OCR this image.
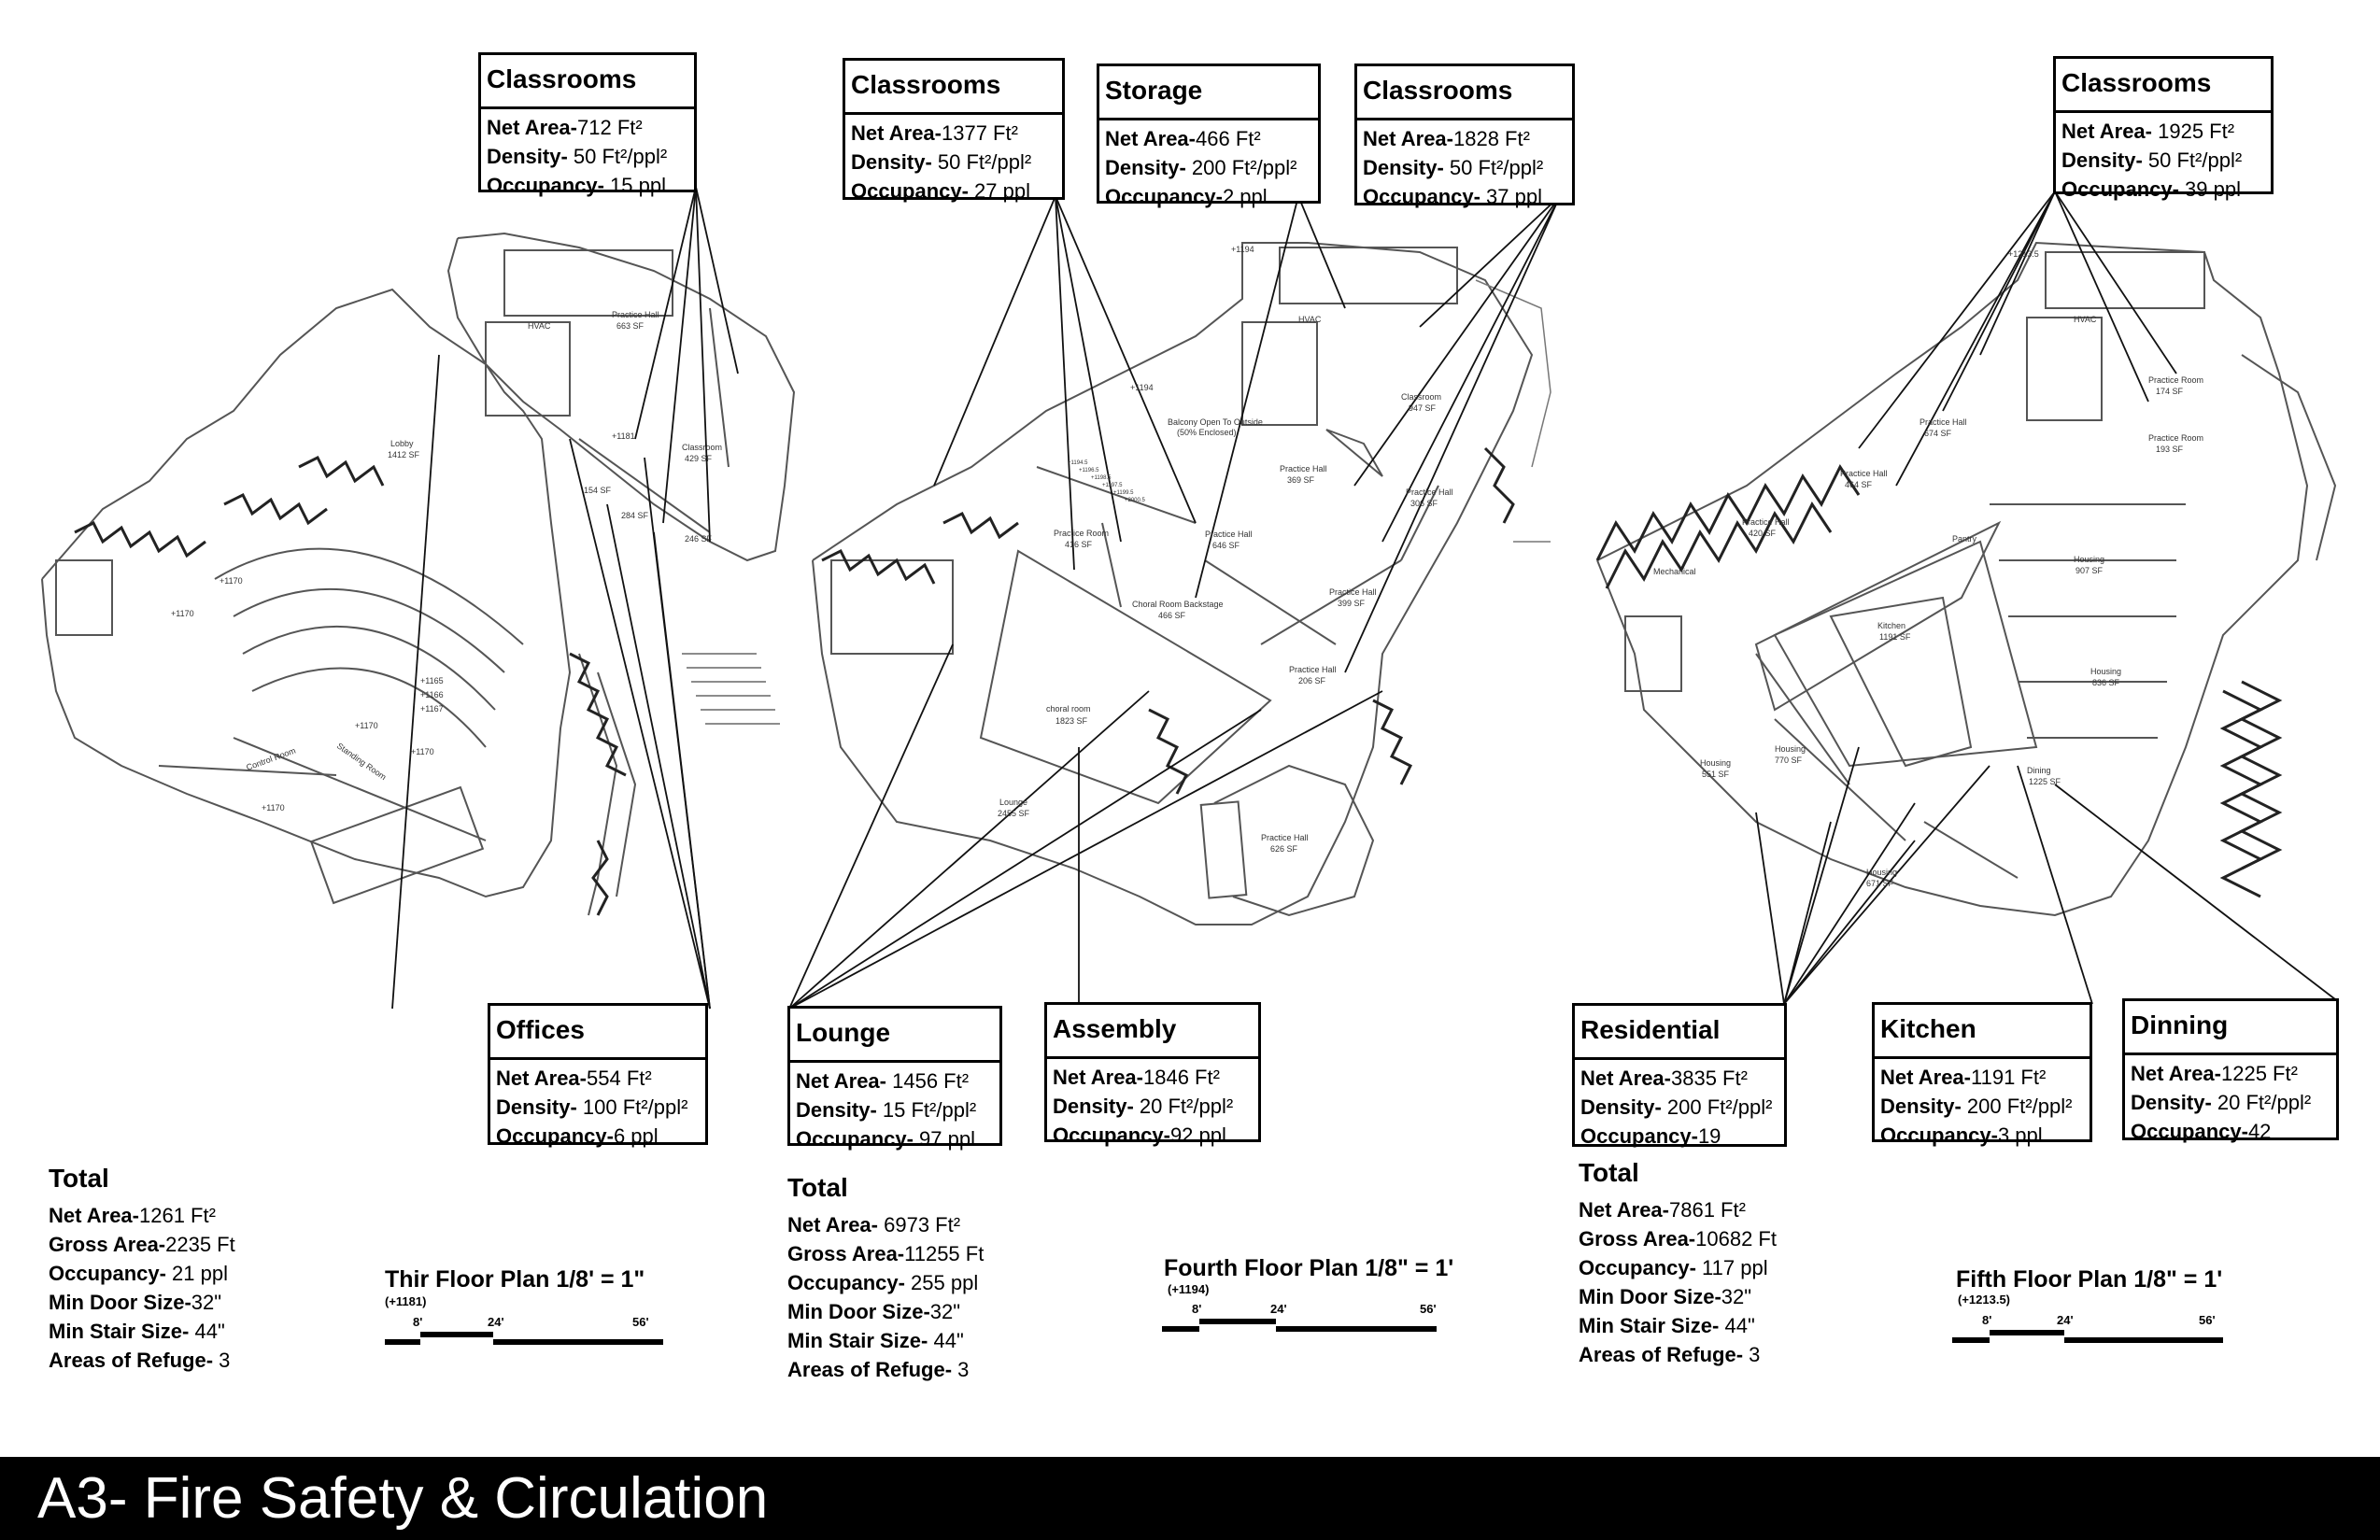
Lobby
1412 SF
+1181
Practice Hall
663 SF
Classroom
429 SF
154 SF
284 SF
246 SF
+1170
+1170
+1165
+1166
+1167
+1170
+1170
+1170
Standing Room
Control Room
HVAC
+1194
+1194
HVAC
Balcony Open To Outside
(50% Enclosed)
Classroom
947 SF
Practice Room
416 SF
Practice Hall
369 SF
Practice Hall
646 SF
Choral Room Backstage
466 SF
Practice Hall
306 SF
Practice Hall
399 SF
Practice Hall
206 SF
choral room
1823 SF
Lounge
2455 SF
Practice Hall
626 SF
+1194.5
+1196.5
+1198.5
+1197.5
+1199.5
+2000.5
+1213.5
HVAC
Practice Room
174 SF
Practice Room
193 SF
Practice Hall
674 SF
Practice Hall
464 SF
Practice Hall
420 SF
Mechanical
Pantry
Kitchen
1191 SF
Housing
907 SF
Housing
836 SF
Housing
551 SF
Housing
770 SF
Housing
671 SF
Dining
1225 SF
Classrooms
Net Area-712 Ft²
Density- 50 Ft²/ppl²
Occupancy- 15 ppl
Classrooms
Net Area-1377 Ft²
Density- 50 Ft²/ppl²
Occupancy- 27 ppl
Storage
Net Area-466 Ft²
Density- 200 Ft²/ppl²
Occupancy-2 ppl
Classrooms
Net Area-1828 Ft²
Density- 50 Ft²/ppl²
Occupancy- 37 ppl
Classrooms
Net Area- 1925 Ft²
Density- 50 Ft²/ppl²
Occupancy- 39 ppl
Offices
Net Area-554 Ft²
Density- 100 Ft²/ppl²
Occupancy-6 ppl
Lounge
Net Area- 1456 Ft²
Density- 15 Ft²/ppl²
Occupancy- 97 ppl
Assembly
Net Area-1846 Ft²
Density- 20 Ft²/ppl²
Occupancy-92 ppl
Residential
Net Area-3835 Ft²
Density- 200 Ft²/ppl²
Occupancy-19
Kitchen
Net Area-1191 Ft²
Density- 200 Ft²/ppl²
Occupancy-3 ppl
Dinning
Net Area-1225 Ft²
Density- 20 Ft²/ppl²
Occupancy-42
Total
Net Area-1261 Ft²
Gross Area-2235 Ft
Occupancy- 21 ppl
Min Door Size-32"
Min Stair Size- 44"
Areas of Refuge- 3
Total
Net Area- 6973 Ft²
Gross Area-11255 Ft
Occupancy- 255 ppl
Min Door Size-32"
Min Stair Size- 44"
Areas of Refuge- 3
Total
Net Area-7861 Ft²
Gross Area-10682 Ft
Occupancy- 117 ppl
Min Door Size-32"
Min Stair Size- 44"
Areas of Refuge- 3
Thir Floor Plan 1/8' = 1"
(+1181)
8'	24'	56'
Fourth Floor Plan 1/8" = 1'
(+1194)
8'	24'	56'
Fifth Floor Plan 1/8" = 1'
(+1213.5)
8'	24'	56'
A3- Fire Safety & Circulation
